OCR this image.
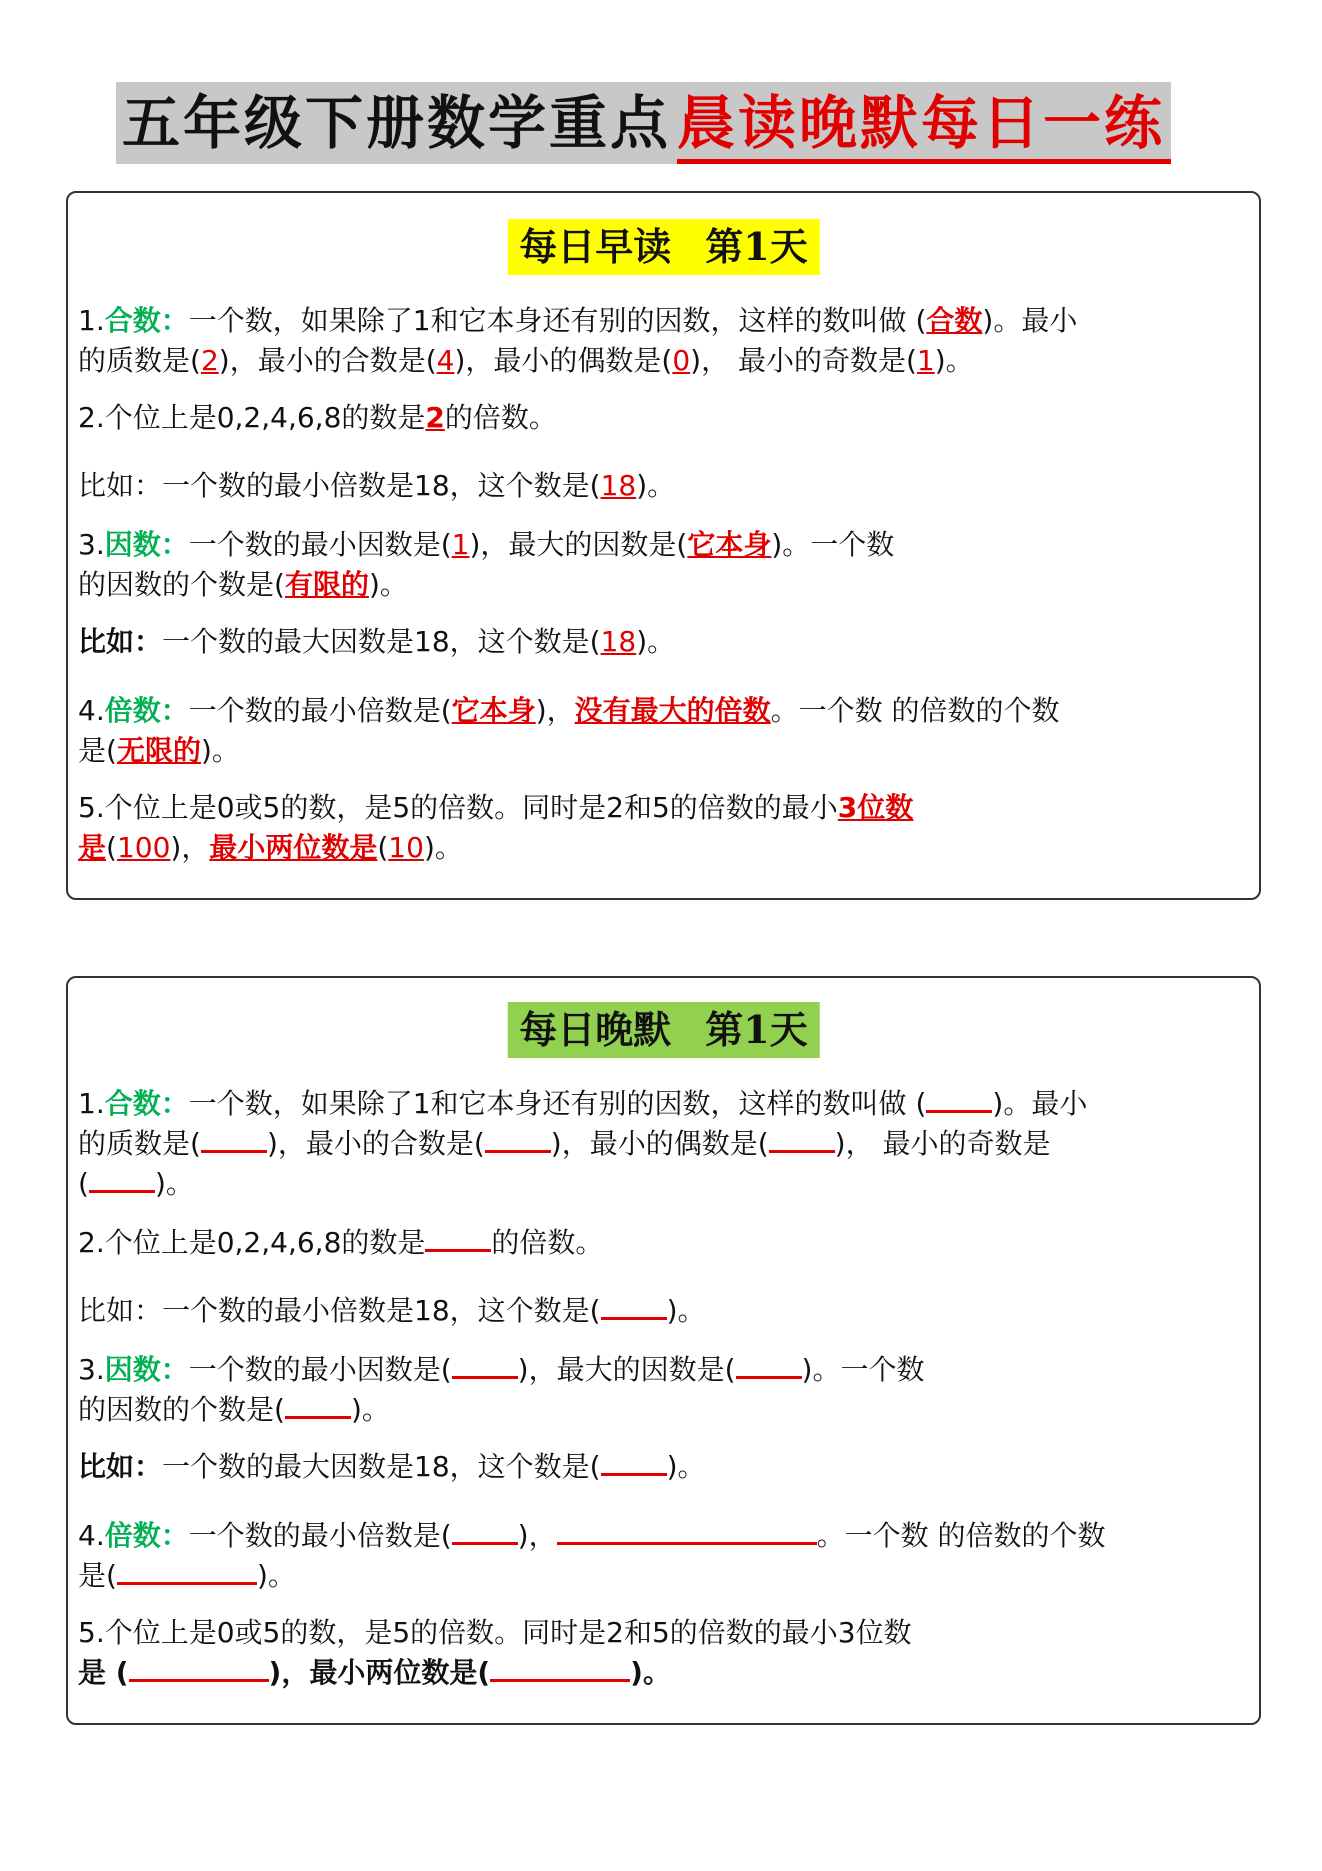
五年级下册数学重点 晨读晚默每日一练
每日早读 第1天
1.合数：一个数，如果除了1和它本身还有别的因数，这样的数叫做 (合数)。最小
的质数是(2)，最小的合数是(4)，最小的偶数是(0)， 最小的奇数是(1)。
2.个位上是0,2,4,6,8的数是2的倍数。
比如：一个数的最小倍数是18，这个数是(18)。
3.因数：一个数的最小因数是(1)，最大的因数是(它本身)。一个数
的因数的个数是(有限的)。
比如：一个数的最大因数是18，这个数是(18)。
4.倍数：一个数的最小倍数是(它本身)，没有最大的倍数。一个数 的倍数的个数
是(无限的)。
5.个位上是0或5的数，是5的倍数。同时是2和5的倍数的最小3位数
是(100)，最小两位数是(10)。
每日晚默 第1天
1.合数：一个数，如果除了1和它本身还有别的因数，这样的数叫做 ( )。最小
的质数是( )，最小的合数是( )，最小的偶数是( )， 最小的奇数是
( )。
2.个位上是0,2,4,6,8的数是 的倍数。
比如：一个数的最小倍数是18，这个数是( )。
3.因数：一个数的最小因数是( )，最大的因数是( )。一个数
的因数的个数是( )。
比如：一个数的最大因数是18，这个数是( )。
4.倍数：一个数的最小倍数是( )，	。一个数 的倍数的个数
是(	)。
5.个位上是0或5的数，是5的倍数。同时是2和5的倍数的最小3位数
是 (	)，最小两位数是(	)。
